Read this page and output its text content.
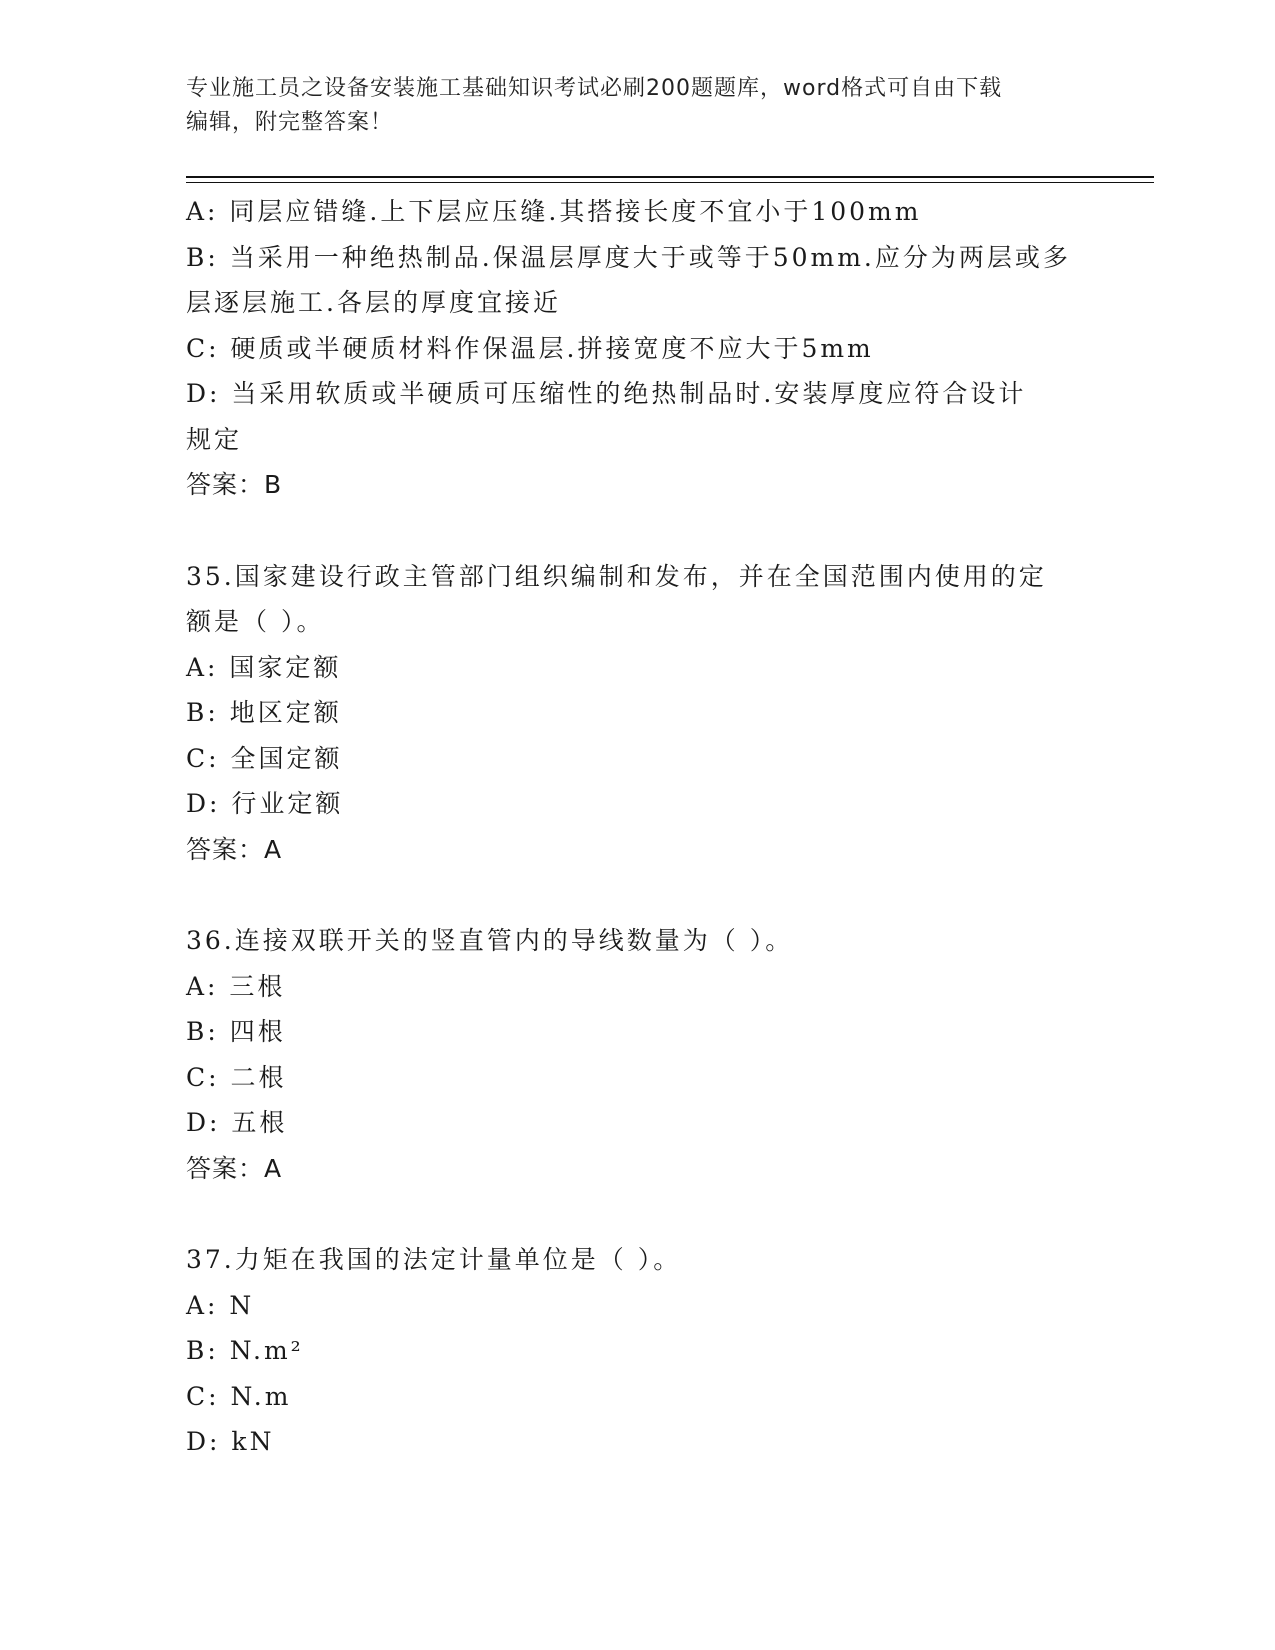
专业施工员之设备安装施工基础知识考试必刷200题题库，word格式可自由下载
编辑，附完整答案！
A: 同层应错缝.上下层应压缝.其搭接长度不宜小于100mm
B: 当采用一种绝热制品.保温层厚度大于或等于50mm.应分为两层或多
层逐层施工.各层的厚度宜接近
C: 硬质或半硬质材料作保温层.拼接宽度不应大于5mm
D: 当采用软质或半硬质可压缩性的绝热制品时.安装厚度应符合设计
规定
答案：B
35.国家建设行政主管部门组织编制和发布，并在全国范围内使用的定
额是（ ）。
A: 国家定额
B: 地区定额
C: 全国定额
D: 行业定额
答案：A
36.连接双联开关的竖直管内的导线数量为（ ）。
A: 三根
B: 四根
C: 二根
D: 五根
答案：A
37.力矩在我国的法定计量单位是（ ）。
A: N
B: N.m²
C: N.m
D: kN
